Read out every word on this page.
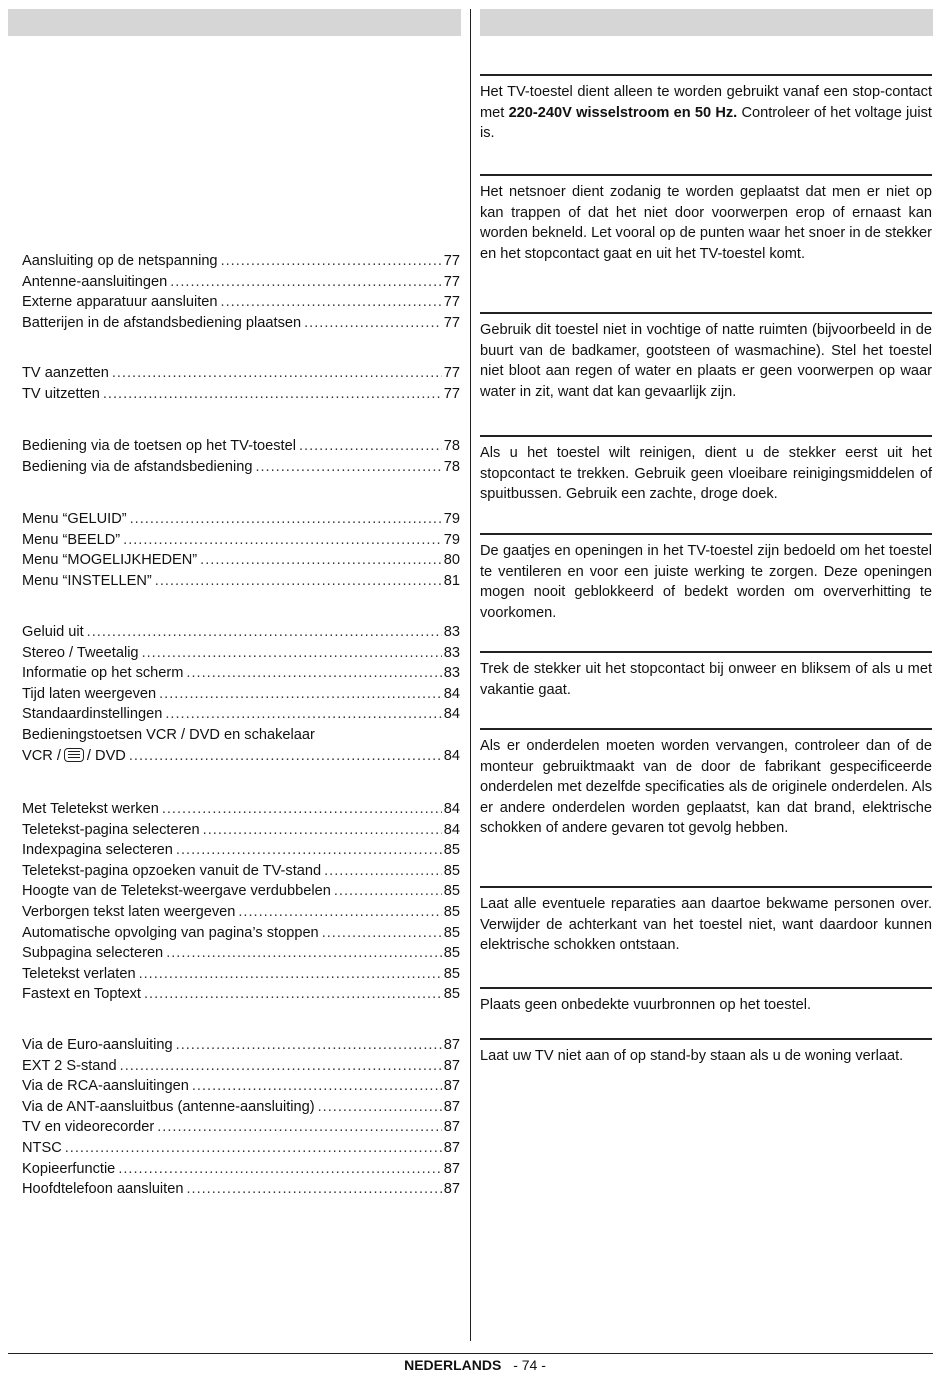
Aansluiting op de netspanning .....	77
Antenne-aansluitingen .....	77
Externe apparatuur aansluiten .....	77
Batterijen in de afstandsbediening plaatsen .....	77
TV aanzetten .....	77
TV uitzetten .....	77
Bediening via de toetsen op het TV-toestel .....	78
Bediening via de afstandsbediening .....	78
Menu “GELUID” .....	79
Menu “BEELD” .....	79
Menu “MOGELIJKHEDEN” .....	80
Menu “INSTELLEN” .....	81
Geluid uit .....	83
Stereo / Tweetalig .....	83
Informatie op het scherm .....	83
Tijd laten weergeven .....	84
Standaardinstellingen .....	84
Bedieningstoetsen VCR / DVD en schakelaar
VCR / / DVD .....	84
Met Teletekst werken .....	84
Teletekst-pagina selecteren .....	84
Indexpagina selecteren .....	85
Teletekst-pagina opzoeken vanuit de TV-stand .....	85
Hoogte van de Teletekst-weergave verdubbelen .....	85
Verborgen tekst laten weergeven .....	85
Automatische opvolging van pagina’s stoppen .....	85
Subpagina selecteren .....	85
Teletekst verlaten .....	85
Fastext en Toptext .....	85
Via de Euro-aansluiting .....	87
EXT 2 S-stand .....	87
Via de RCA-aansluitingen .....	87
Via de ANT-aansluitbus (antenne-aansluiting) .....	87
TV en videorecorder .....	87
NTSC .....	87
Kopieerfunctie .....	87
Hoofdtelefoon aansluiten .....	87

Het TV-toestel dient alleen te worden gebruikt vanaf een stop-contact met 220-240V wisselstroom en 50 Hz. Controleer of het voltage juist is.

Het netsnoer dient zodanig te worden geplaatst dat men er niet op kan trappen of dat het niet door voorwerpen erop of ernaast kan worden bekneld. Let vooral op de punten waar het snoer in de stekker en het stopcontact gaat en uit het TV-toestel komt.

Gebruik dit toestel niet in vochtige of natte ruimten (bijvoorbeeld in de buurt van de badkamer, gootsteen of wasmachine). Stel het toestel niet bloot aan regen of water en plaats er geen voorwerpen op waar water in zit, want dat kan gevaarlijk zijn.

Als u het toestel wilt reinigen, dient u de stekker eerst uit het stopcontact te trekken. Gebruik geen vloeibare reinigingsmiddelen of spuitbussen. Gebruik een zachte, droge doek.

De gaatjes en openingen in het TV-toestel zijn bedoeld om het toestel te ventileren en voor een juiste werking te zorgen. Deze openingen mogen nooit geblokkeerd of bedekt worden om oververhitting te voorkomen.

Trek de stekker uit het stopcontact bij onweer en bliksem of als u met vakantie gaat.

Als er onderdelen moeten worden vervangen, controleer dan of de monteur gebruiktmaakt van de door de fabrikant gespecificeerde onderdelen met dezelfde specificaties als de originele onderdelen. Als er andere onderdelen worden geplaatst, kan dat brand, elektrische schokken of andere gevaren tot gevolg hebben.

Laat alle eventuele reparaties aan daartoe bekwame personen over. Verwijder de achterkant van het toestel niet, want daardoor kunnen elektrische schokken ontstaan.

Plaats geen onbedekte vuurbronnen op het toestel.

Laat uw TV niet aan of op stand-by staan als u de woning verlaat.

NEDERLANDS - 74 -
